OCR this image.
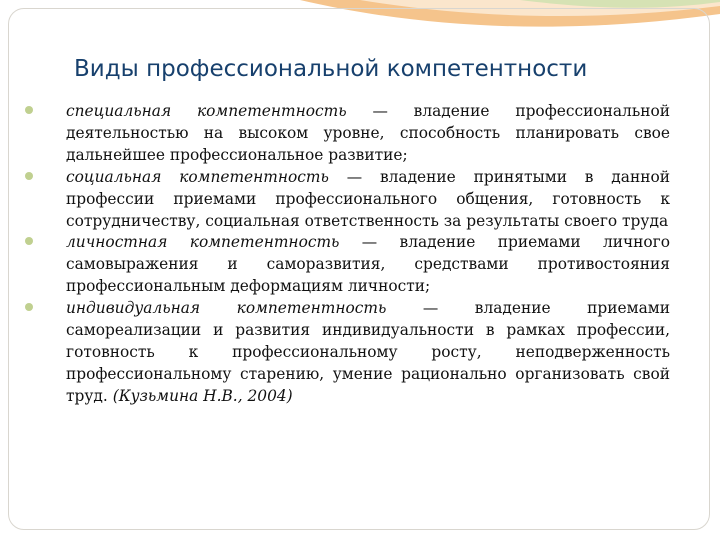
Виды профессиональной компетентности
специальная компетентность — владение профессиональной деятельностью на высоком уровне, способность планировать свое дальнейшее профессиональное развитие;
социальная компетентность — владение принятыми в данной профессии приемами профессионального общения, готовность к сотрудничеству, социальная ответственность за результаты своего труда
личностная компетентность — владение приемами личного самовыражения и саморазвития, средствами противостояния профессиональным деформациям личности;
индивидуальная компетентность — владение приемами самореализации и развития индивидуальности в рамках профессии, готовность к профессиональному росту, неподверженность профессиональному старению, умение рационально организовать свой труд. (Кузьмина Н.В., 2004)
